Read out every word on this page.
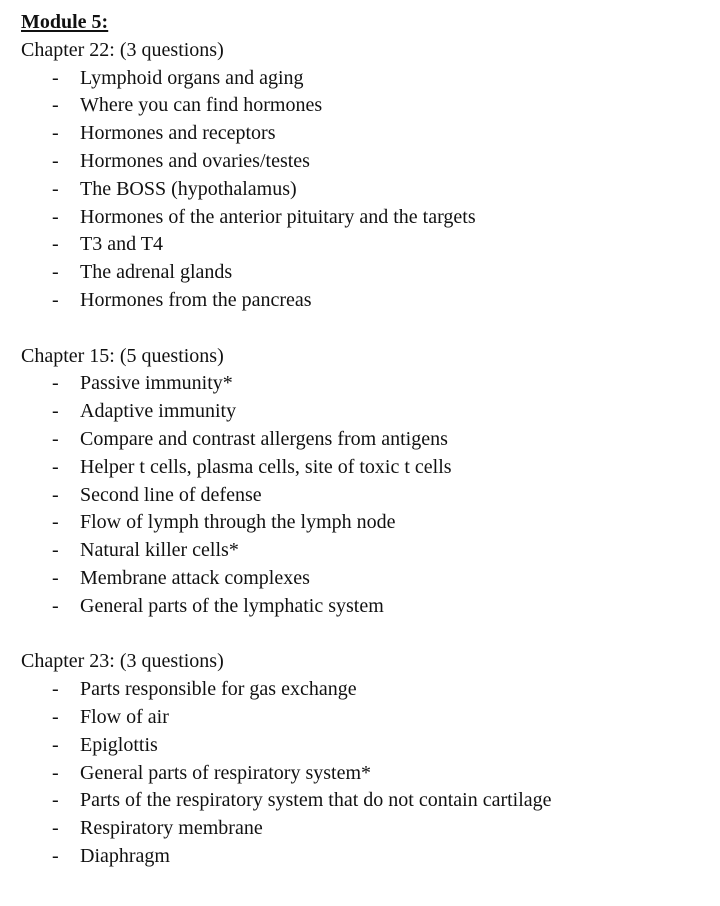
Module 5:
Chapter 22: (3 questions)
- Lymphoid organs and aging
- Where you can find hormones
- Hormones and receptors
- Hormones and ovaries/testes
- The BOSS (hypothalamus)
- Hormones of the anterior pituitary and the targets
- T3 and T4
- The adrenal glands
- Hormones from the pancreas
Chapter 15: (5 questions)
- Passive immunity*
- Adaptive immunity
- Compare and contrast allergens from antigens
- Helper t cells, plasma cells, site of toxic t cells
- Second line of defense
- Flow of lymph through the lymph node
- Natural killer cells*
- Membrane attack complexes
- General parts of the lymphatic system
Chapter 23: (3 questions)
- Parts responsible for gas exchange
- Flow of air
- Epiglottis
- General parts of respiratory system*
- Parts of the respiratory system that do not contain cartilage
- Respiratory membrane
- Diaphragm
